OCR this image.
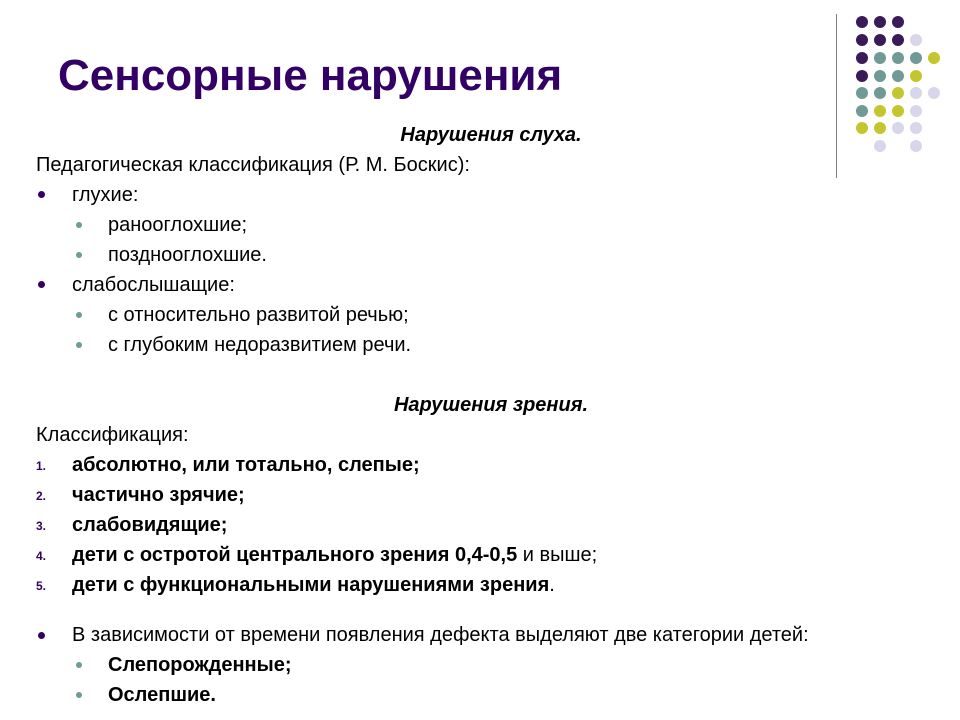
Сенсорные нарушения
Нарушения слуха.
Педагогическая классификация (Р. М. Боскис):
глухие:
ранооглохшие;
позднооглохшие.
слабослышащие:
с относительно развитой речью;
с глубоким недоразвитием речи.
Нарушения зрения.
Классификация:
1. абсолютно, или тотально, слепые;
2. частично зрячие;
3. слабовидящие;
4. дети с остротой центрального зрения 0,4-0,5 и выше;
5. дети с функциональными нарушениями зрения.
В зависимости от времени появления дефекта выделяют две категории детей:
Слепорожденные;
Ослепшие.
